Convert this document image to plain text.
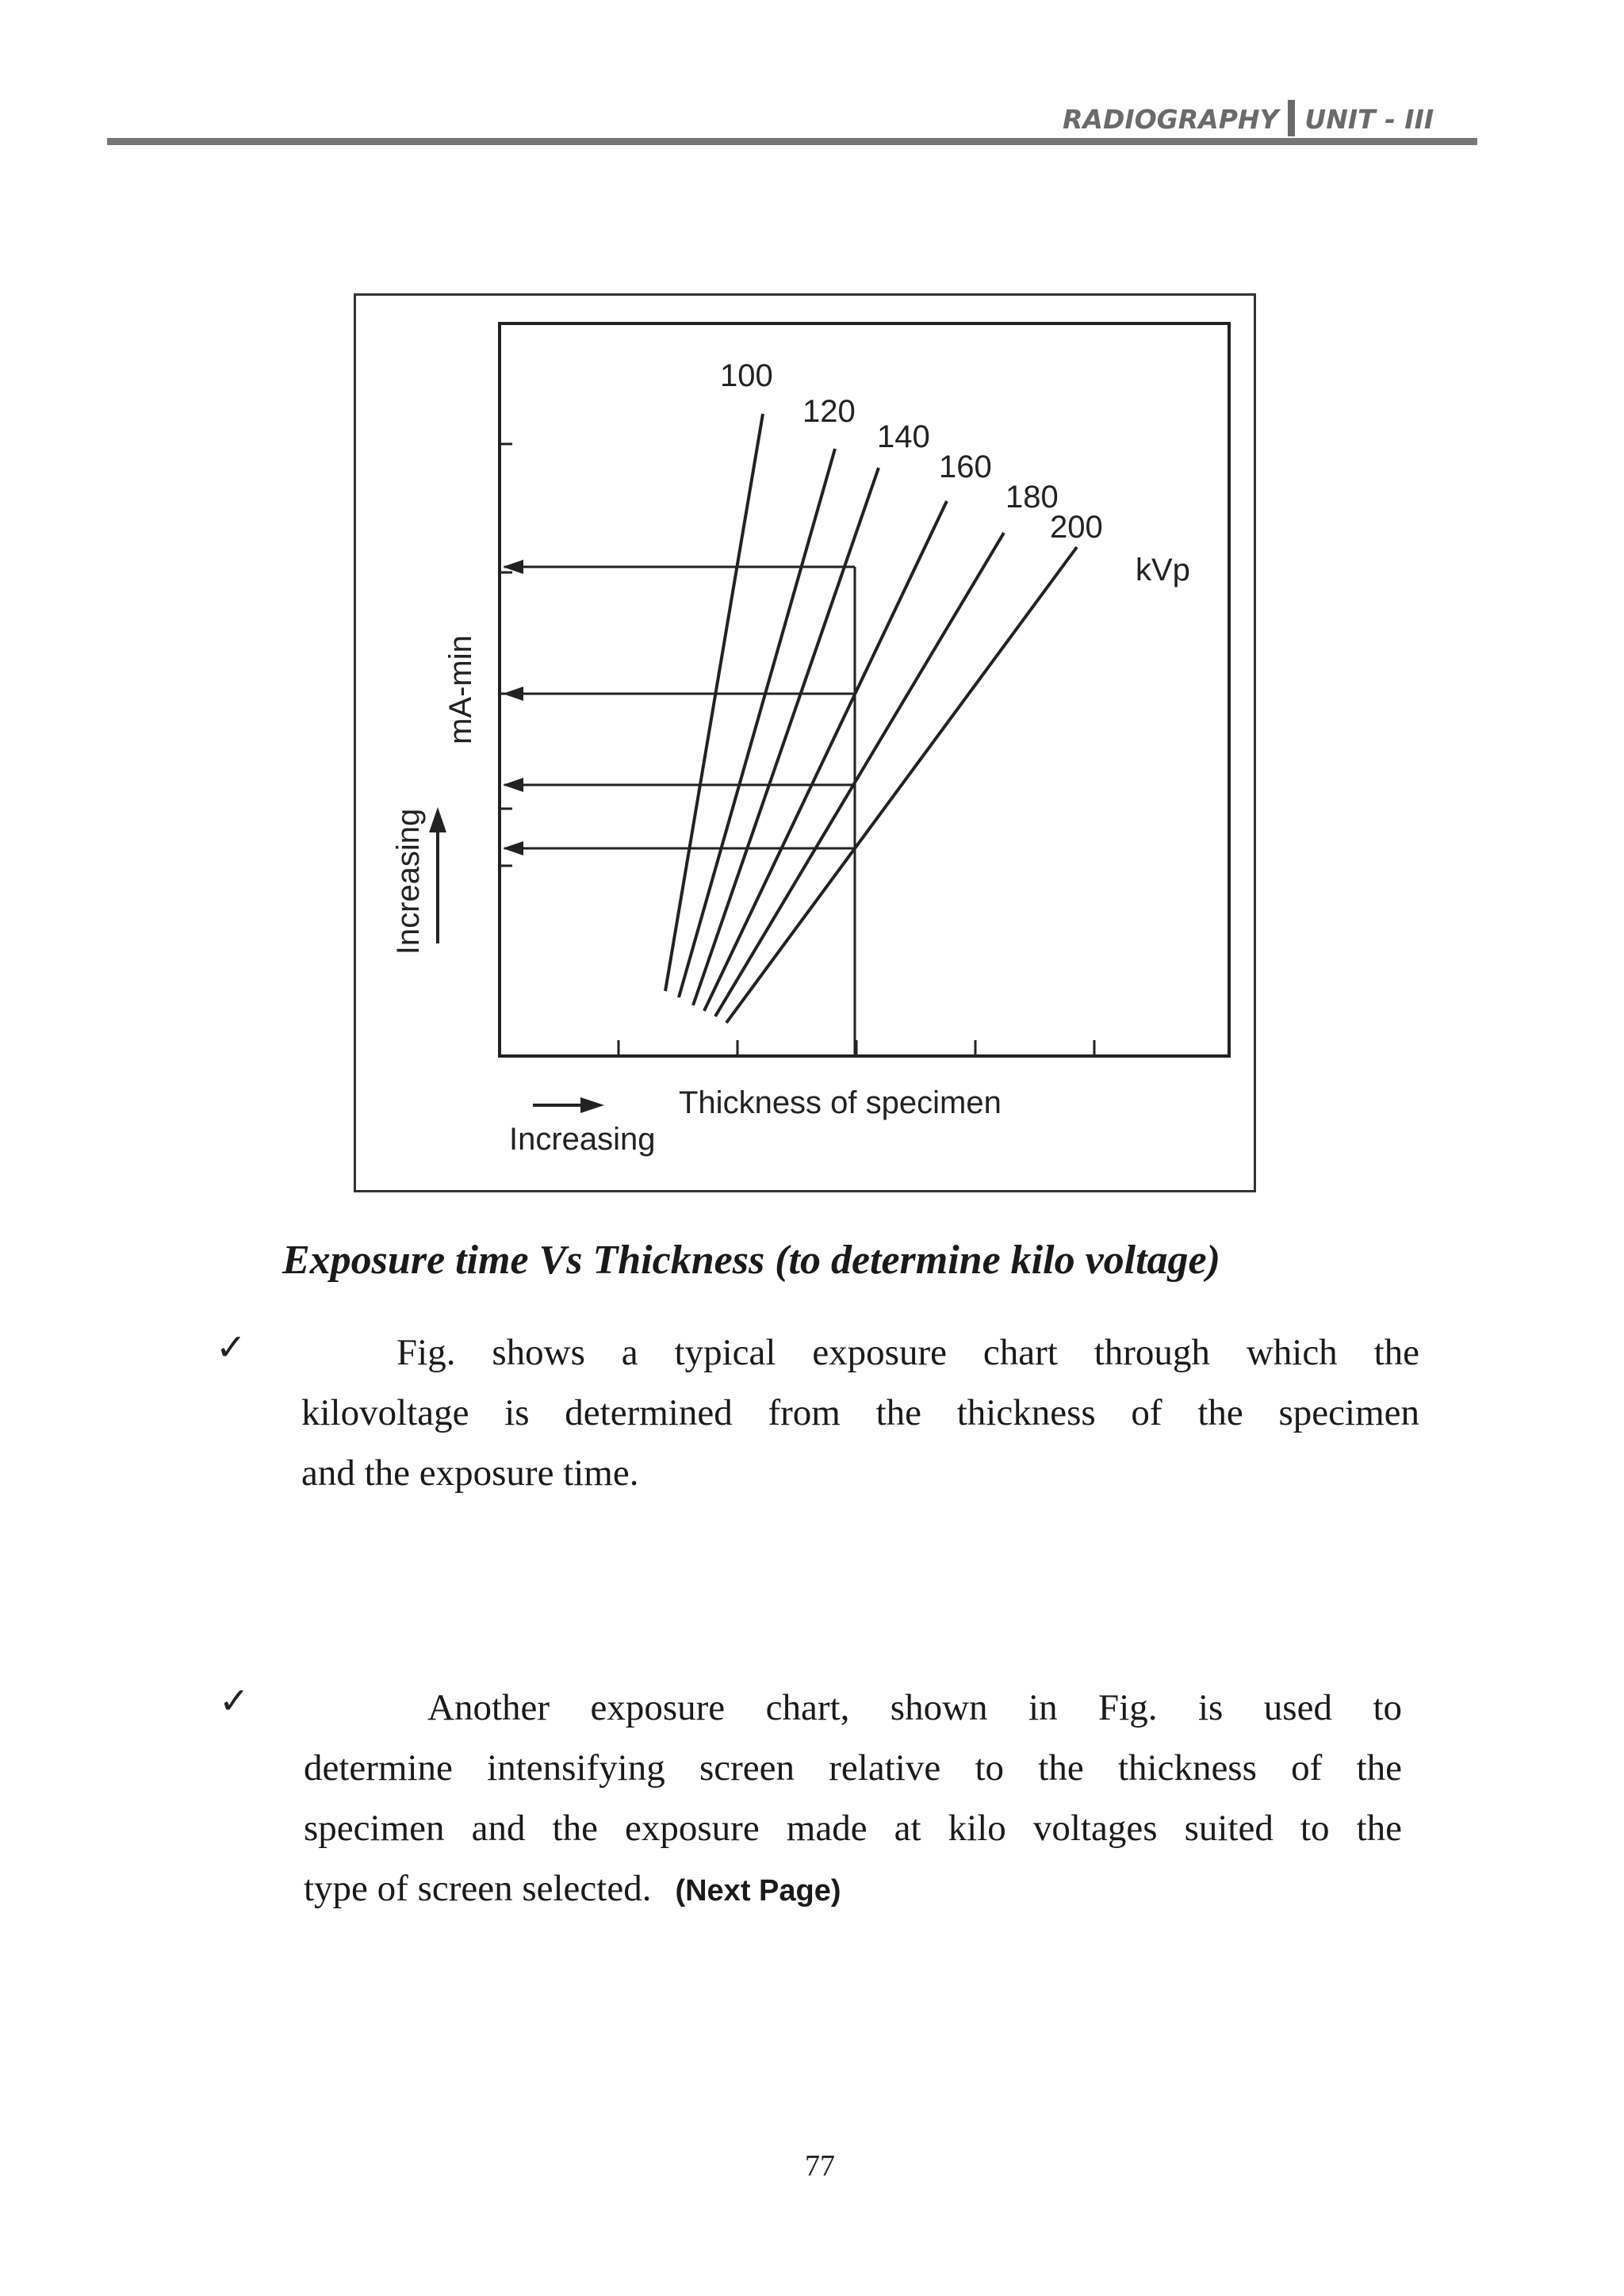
RADIOGRAPHY UNIT - III
100
120
140
160
180
200
kVp
mA-min
Increasing
Thickness of specimen
Increasing
Exposure time Vs Thickness (to determine kilo voltage)
✓	Fig. shows a typical exposure chart through which the
kilovoltage is determined from the thickness of the specimen
and the exposure time.
✓	Another exposure chart, shown in Fig. is used to
determine intensifying screen relative to the thickness of the
specimen and the exposure made at kilo voltages suited to the
type of screen selected. (Next Page)
77
